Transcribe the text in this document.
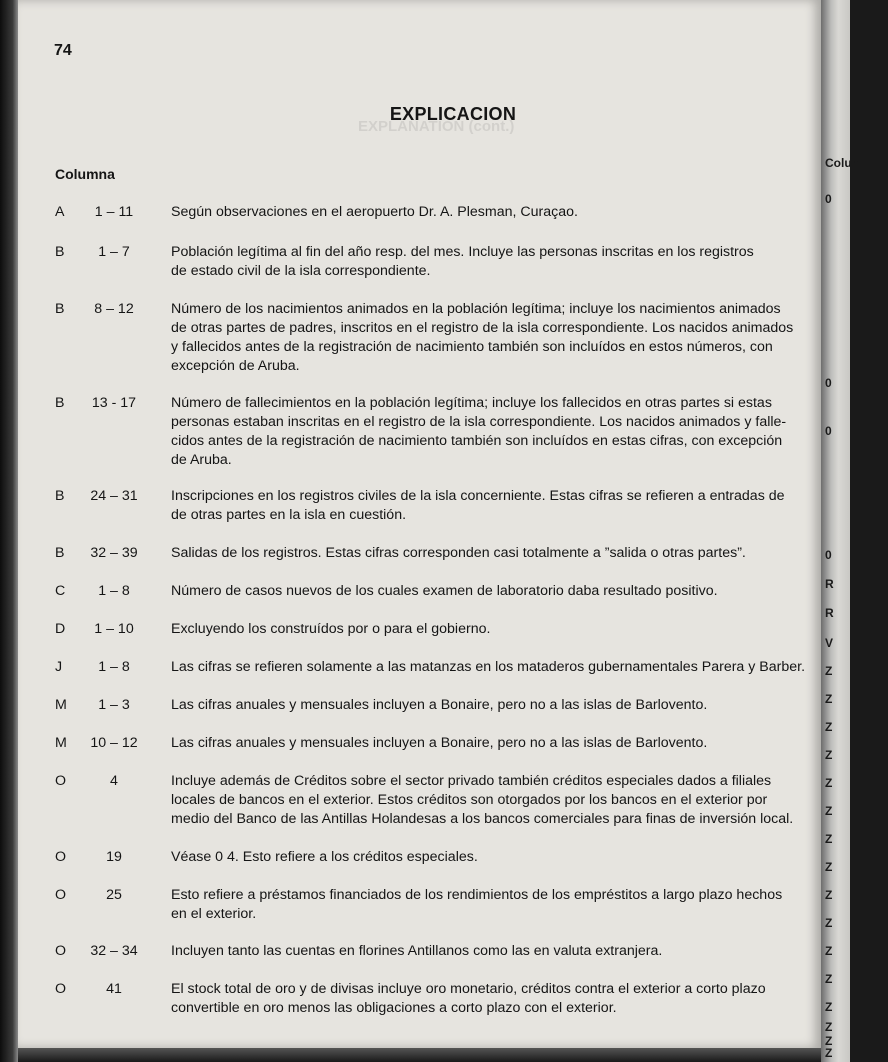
EXPLANATION (cont.)
74
EXPLICACION
Columna
A	1 – 11	Según observaciones en el aeropuerto Dr. A. Plesman, Curaçao.
B	1 – 7	Población legítima al fin del año resp. del mes. Incluye las personas inscritas en los registros
de estado civil de la isla correspondiente.
B	8 – 12	Número de los nacimientos animados en la población legítima; incluye los nacimientos animados
de otras partes de padres, inscritos en el registro de la isla correspondiente. Los nacidos animados
y fallecidos antes de la registración de nacimiento también son incluídos en estos números, con
excepción de Aruba.
B	13 - 17	Número de fallecimientos en la población legítima; incluye los fallecidos en otras partes si estas
personas estaban inscritas en el registro de la isla correspondiente. Los nacidos animados y falle-
cidos antes de la registración de nacimiento también son incluídos en estas cifras, con excepción
de Aruba.
B	24 – 31	Inscripciones en los registros civiles de la isla concerniente. Estas cifras se refieren a entradas de
de otras partes en la isla en cuestión.
B	32 – 39	Salidas de los registros. Estas cifras corresponden casi totalmente a ”salida o otras partes”.
C	1 – 8	Número de casos nuevos de los cuales examen de laboratorio daba resultado positivo.
D	1 – 10	Excluyendo los construídos por o para el gobierno.
J	1 – 8	Las cifras se refieren solamente a las matanzas en los mataderos gubernamentales Parera y Barber.
M	1 – 3	Las cifras anuales y mensuales incluyen a Bonaire, pero no a las islas de Barlovento.
M	10 – 12	Las cifras anuales y mensuales incluyen a Bonaire, pero no a las islas de Barlovento.
O	4	Incluye además de Créditos sobre el sector privado también créditos especiales dados a filiales
locales de bancos en el exterior. Estos créditos son otorgados por los bancos en el exterior por
medio del Banco de las Antillas Holandesas a los bancos comerciales para finas de inversión local.
O	19	Véase 0 4. Esto refiere a los créditos especiales.
O	25	Esto refiere a préstamos financiados de los rendimientos de los empréstitos a largo plazo hechos
en el exterior.
O	32 – 34	Incluyen tanto las cuentas en florines Antillanos como las en valuta extranjera.
O	41	El stock total de oro y de divisas incluye oro monetario, créditos contra el exterior a corto plazo
convertible en oro menos las obligaciones a corto plazo con el exterior.
Colum
0
0
0
0
R
R
V
Z
Z
Z
Z
Z
Z
Z
Z
Z
Z
Z
Z
Z
Z
Z
Z
